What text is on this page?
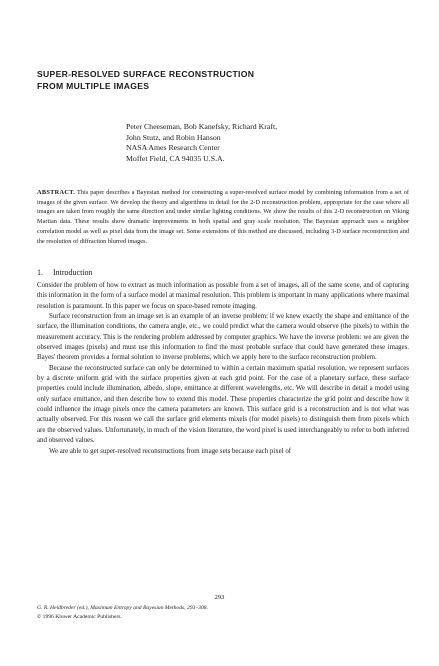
SUPER-RESOLVED SURFACE RECONSTRUCTION
FROM MULTIPLE IMAGES
Peter Cheeseman, Bob Kanefsky, Richard Kraft,
John Stutz, and Robin Hanson
NASA Ames Research Center
Moffet Field, CA 94035 U.S.A.
ABSTRACT. This paper describes a Bayesian method for constructing a super-resolved surface model by combining information from a set of images of the given surface. We develop the theory and algorithms in detail for the 2-D reconstruction problem, appropriate for the case where all images are taken from roughly the same direction and under similar lighting conditions. We show the results of this 2-D reconstruction on Viking Martian data. These results show dramatic improvements in both spatial and gray scale resolution. The Bayesian approach uses a neighbor correlation model as well as pixel data from the image set. Some extensions of this method are discussed, including 3-D surface reconstruction and the resolution of diffraction blurred images.
1. Introduction

Consider the problem of how to extract as much information as possible from a set of images, all of the same scene, and of capturing this information in the form of a surface model at maximal resolution. This problem is important in many applications where maximal resolution is paramount. In this paper we focus on space-based remote imaging.

Surface reconstruction from an image set is an example of an inverse problem: if we knew exactly the shape and emittance of the surface, the illumination conditions, the camera angle, etc., we could predict what the camera would observe (the pixels) to within the measurement accuracy. This is the rendering problem addressed by computer graphics. We have the inverse problem: we are given the observed images (pixels) and must use this information to find the most probable surface that could have generated these images. Bayes' theorem provides a formal solution to inverse problems, which we apply here to the surface reconstruction problem.

Because the reconstructed surface can only be determined to within a certain maximum spatial resolution, we represent surfaces by a discrete uniform grid with the surface properties given at each grid point. For the case of a planetary surface, these surface properties could include illumination, albedo, slope, emittance at different wavelengths, etc. We will describe in detail a model using only surface emittance, and then describe how to extend this model. These properties characterize the grid point and describe how it could influence the image pixels once the camera parameters are known. This surface grid is a reconstruction and is not what was actually observed. For this reason we call the surface grid elements mixels (for model pixels) to distinguish them from pixels which are the observed values. Unfortunately, in much of the vision literature, the word pixel is used interchangeably to refer to both inferred and observed values.

We are able to get super-resolved reconstructions from image sets because each pixel of

293
G. R. Heidbreder (ed.), Maximum Entropy and Bayesian Methods, 293–308.
© 1996 Kluwer Academic Publishers.
